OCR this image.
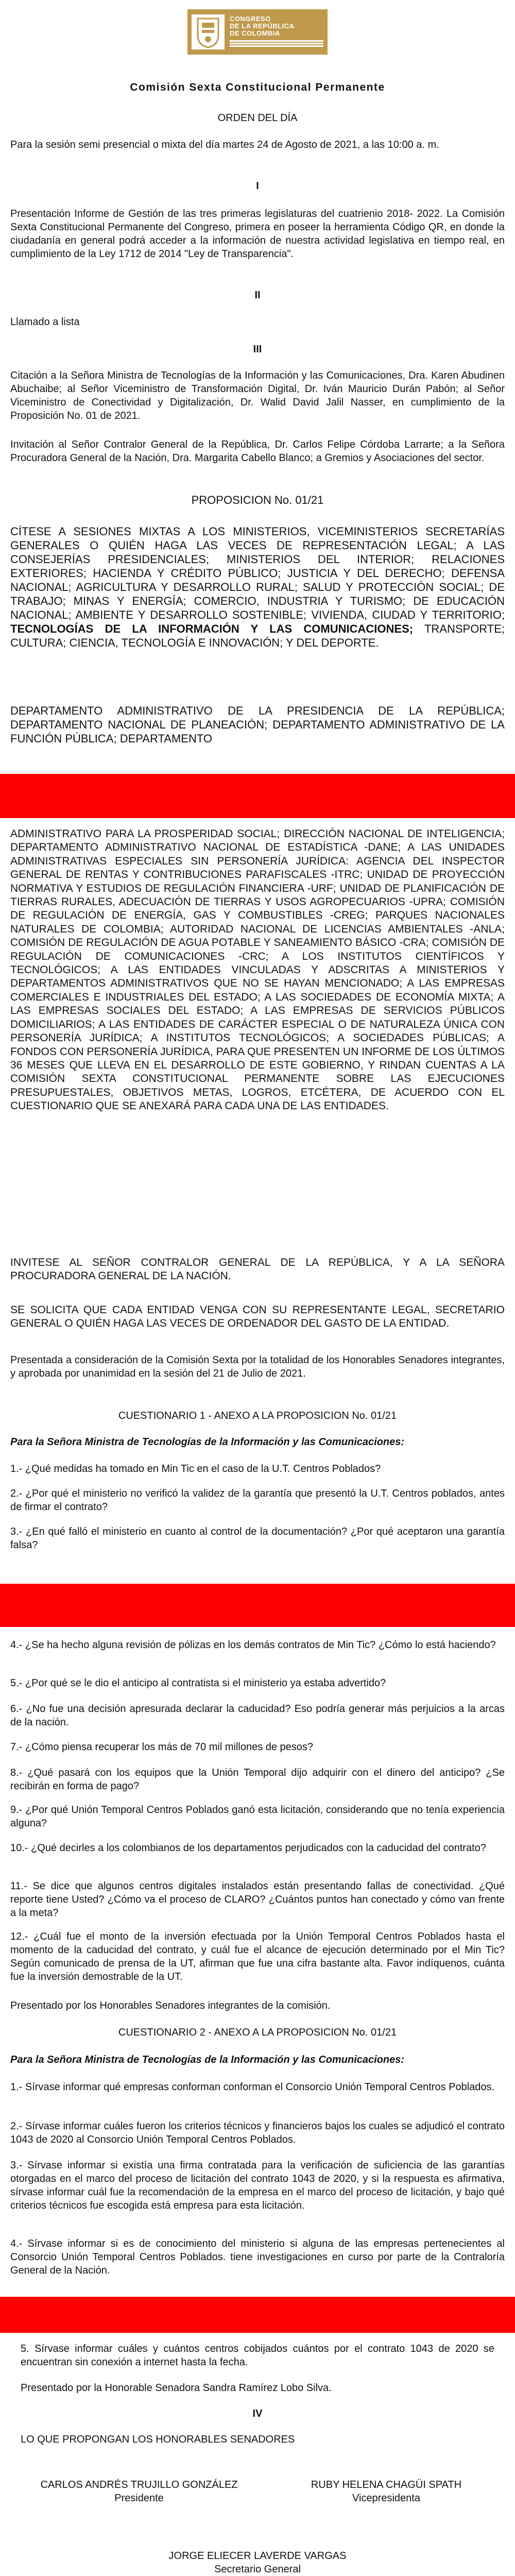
CONGRESO
DE LA REPÚBLICA
DE COLOMBIA
Comisión Sexta Constitucional Permanente
ORDEN DEL DÍA
Para la sesión semi presencial o mixta del día martes 24 de Agosto de 2021, a las 10:00 a. m.
I
Presentación Informe de Gestión de las tres primeras legislaturas del cuatrienio 2018- 2022. La Comisión Sexta Constitucional Permanente del Congreso, primera en poseer la herramienta Código QR, en donde la ciudadanía en general podrá acceder a la información de nuestra actividad legislativa en tiempo real, en cumplimiento de la Ley 1712 de 2014 "Ley de Transparencia".
II
Llamado a lista
III
Citación a la Señora Ministra de Tecnologías de la Información y las Comunicaciones, Dra. Karen Abudinen Abuchaibe; al Señor Viceministro de Transformación Digital, Dr. Iván Mauricio Durán Pabón; al Señor Viceministro de Conectividad y Digitalización, Dr. Walid David Jalil Nasser, en cumplimiento de la Proposición No. 01 de 2021.
Invitación al Señor Contralor General de la República, Dr. Carlos Felipe Córdoba Larrarte; a la Señora Procuradora General de la Nación, Dra. Margarita Cabello Blanco; a Gremios y Asociaciones del sector.
PROPOSICION No. 01/21
CÍTESE A SESIONES MIXTAS A LOS MINISTERIOS, VICEMINISTERIOS SECRETARÍAS GENERALES O QUIÉN HAGA LAS VECES DE REPRESENTACIÓN LEGAL; A LAS CONSEJERÍAS PRESIDENCIALES; MINISTERIOS DEL INTERIOR; RELACIONES EXTERIORES; HACIENDA Y CRÉDITO PÚBLICO; JUSTICIA Y DEL DERECHO; DEFENSA NACIONAL; AGRICULTURA Y DESARROLLO RURAL; SALUD Y PROTECCIÓN SOCIAL; DE TRABAJO; MINAS Y ENERGÍA; COMERCIO, INDUSTRIA Y TURISMO; DE EDUCACIÓN NACIONAL; AMBIENTE Y DESARROLLO SOSTENIBLE; VIVIENDA, CIUDAD Y TERRITORIO; TECNOLOGÍAS DE LA INFORMACIÓN Y LAS COMUNICACIONES; TRANSPORTE; CULTURA; CIENCIA, TECNOLOGÍA E INNOVACIÓN; Y DEL DEPORTE.
DEPARTAMENTO ADMINISTRATIVO DE LA PRESIDENCIA DE LA REPÚBLICA; DEPARTAMENTO NACIONAL DE PLANEACIÓN; DEPARTAMENTO ADMINISTRATIVO DE LA FUNCIÓN PÚBLICA; DEPARTAMENTO
ADMINISTRATIVO PARA LA PROSPERIDAD SOCIAL; DIRECCIÓN NACIONAL DE INTELIGENCIA; DEPARTAMENTO ADMINISTRATIVO NACIONAL DE ESTADÍSTICA -DANE; A LAS UNIDADES ADMINISTRATIVAS ESPECIALES SIN PERSONERÍA JURÍDICA: AGENCIA DEL INSPECTOR GENERAL DE RENTAS Y CONTRIBUCIONES PARAFISCALES -ITRC; UNIDAD DE PROYECCIÓN NORMATIVA Y ESTUDIOS DE REGULACIÓN FINANCIERA -URF; UNIDAD DE PLANIFICACIÓN DE TIERRAS RURALES, ADECUACIÓN DE TIERRAS Y USOS AGROPECUARIOS -UPRA; COMISIÓN DE REGULACIÓN DE ENERGÍA, GAS Y COMBUSTIBLES -CREG; PARQUES NACIONALES NATURALES DE COLOMBIA; AUTORIDAD NACIONAL DE LICENCIAS AMBIENTALES -ANLA; COMISIÓN DE REGULACIÓN DE AGUA POTABLE Y SANEAMIENTO BÁSICO -CRA; COMISIÓN DE REGULACIÓN DE COMUNICACIONES -CRC; A LOS INSTITUTOS CIENTÍFICOS Y TECNOLÓGICOS; A LAS ENTIDADES VINCULADAS Y ADSCRITAS A MINISTERIOS Y DEPARTAMENTOS ADMINISTRATIVOS QUE NO SE HAYAN MENCIONADO; A LAS EMPRESAS COMERCIALES E INDUSTRIALES DEL ESTADO; A LAS SOCIEDADES DE ECONOMÍA MIXTA; A LAS EMPRESAS SOCIALES DEL ESTADO; A LAS EMPRESAS DE SERVICIOS PÚBLICOS DOMICILIARIOS; A LAS ENTIDADES DE CARÁCTER ESPECIAL O DE NATURALEZA ÚNICA CON PERSONERÍA JURÍDICA; A INSTITUTOS TECNOLÓGICOS; A SOCIEDADES PÚBLICAS; A FONDOS CON PERSONERÍA JURÍDICA, PARA QUE PRESENTEN UN INFORME DE LOS ÚLTIMOS 36 MESES QUE LLEVA EN EL DESARROLLO DE ESTE GOBIERNO, Y RINDAN CUENTAS A LA COMISIÓN SEXTA CONSTITUCIONAL PERMANENTE SOBRE LAS EJECUCIONES PRESUPUESTALES, OBJETIVOS METAS, LOGROS, ETCÉTERA, DE ACUERDO CON EL CUESTIONARIO QUE SE ANEXARÁ PARA CADA UNA DE LAS ENTIDADES.
INVITESE AL SEÑOR CONTRALOR GENERAL DE LA REPÚBLICA, Y A LA SEÑORA PROCURADORA GENERAL DE LA NACIÓN.
SE SOLICITA QUE CADA ENTIDAD VENGA CON SU REPRESENTANTE LEGAL, SECRETARIO GENERAL O QUIÉN HAGA LAS VECES DE ORDENADOR DEL GASTO DE LA ENTIDAD.
Presentada a consideración de la Comisión Sexta por la totalidad de los Honorables Senadores integrantes, y aprobada por unanimidad en la sesión del 21 de Julio de 2021.
CUESTIONARIO 1 - ANEXO A LA PROPOSICION No. 01/21
Para la Señora Ministra de Tecnologías de la Información y las Comunicaciones:
1.- ¿Qué medidas ha tomado en Min Tic en el caso de la U.T. Centros Poblados?
2.- ¿Por qué el ministerio no verificó la validez de la garantía que presentó la U.T. Centros poblados, antes de firmar el contrato?
3.- ¿En qué falló el ministerio en cuanto al control de la documentación? ¿Por qué aceptaron una garantía falsa?
4.- ¿Se ha hecho alguna revisión de pólizas en los demás contratos de Min Tic? ¿Cómo lo está haciendo?
5.- ¿Por qué se le dio el anticipo al contratista si el ministerio ya estaba advertido?
6.- ¿No fue una decisión apresurada declarar la caducidad? Eso podría generar más perjuicios a la arcas de la nación.
7.- ¿Cómo piensa recuperar los más de 70 mil millones de pesos?
8.- ¿Qué pasará con los equipos que la Unión Temporal dijo adquirir con el dinero del anticipo? ¿Se recibirán en forma de pago?
9.- ¿Por qué Unión Temporal Centros Poblados ganó esta licitación, considerando que no tenía experiencia alguna?
10.- ¿Qué decirles a los colombianos de los departamentos perjudicados con la caducidad del contrato?
11.- Se dice que algunos centros digitales instalados están presentando fallas de conectividad. ¿Qué reporte tiene Usted? ¿Cómo va el proceso de CLARO? ¿Cuántos puntos han conectado y cómo van frente a la meta?
12.- ¿Cuál fue el monto de la inversión efectuada por la Unión Temporal Centros Poblados hasta el momento de la caducidad del contrato, y cuál fue el alcance de ejecución determinado por el Min Tic? Según comunicado de prensa de la UT, afirman que fue una cifra bastante alta. Favor indíquenos, cuánta fue la inversión demostrable de la UT.
Presentado por los Honorables Senadores integrantes de la comisión.
CUESTIONARIO 2 - ANEXO A LA PROPOSICION No. 01/21
Para la Señora Ministra de Tecnologías de la Información y las Comunicaciones:
1.- Sírvase informar qué empresas conforman conforman el Consorcio Unión Temporal Centros Poblados.
2.- Sírvase informar cuáles fueron los criterios técnicos y financieros bajos los cuales se adjudicó el contrato 1043 de 2020 al Consorcio Unión Temporal Centros Poblados.
3.- Sírvase informar si existía una firma contratada para la verificación de suficiencia de las garantías otorgadas en el marco del proceso de licitación del contrato 1043 de 2020, y si la respuesta es afirmativa, sírvase informar cuál fue la recomendación de la empresa en el marco del proceso de licitación, y bajo qué criterios técnicos fue escogida está empresa para esta licitación.
4.- Sírvase informar si es de conocimiento del ministerio si alguna de las empresas pertenecientes al Consorcio Unión Temporal Centros Poblados. tiene investigaciones en curso por parte de la Contraloría General de la Nación.
5. Sírvase informar cuáles y cuántos centros cobijados cuántos por el contrato 1043 de 2020 se encuentran sin conexión a internet hasta la fecha.
Presentado por la Honorable Senadora Sandra Ramírez Lobo Silva.
IV
LO QUE PROPONGAN LOS HONORABLES SENADORES
CARLOS ANDRÉS TRUJILLO GONZÁLEZ
Presidente
RUBY HELENA CHAGÜI SPATH
Vicepresidenta
JORGE ELIECER LAVERDE VARGAS
Secretario General
